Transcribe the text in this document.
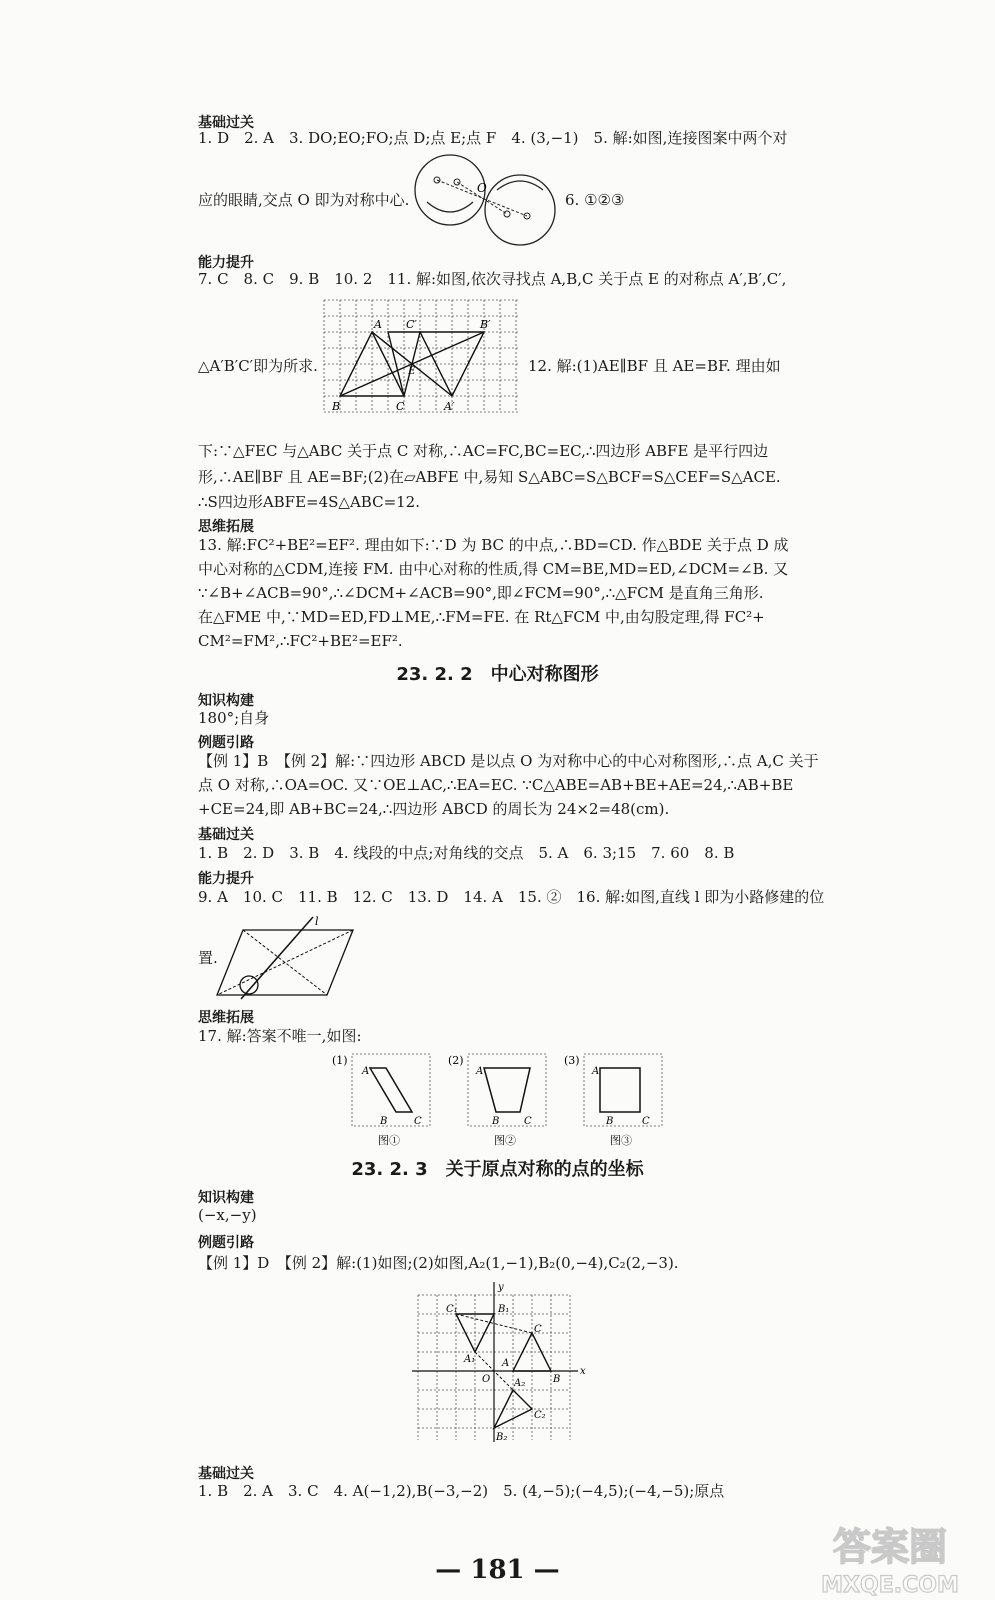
基础过关
1. D　2. A　3. DO;EO;FO;点 D;点 E;点 F　4. (3,−1)　5. 解:如图,连接图案中两个对
应的眼睛,交点 O 即为对称中心.	6. ①②③
O
能力提升
7. C　8. C　9. B　10. 2　11. 解:如图,依次寻找点 A,B,C 关于点 E 的对称点 A′,B′,C′,
△A′B′C′即为所求.	12. 解:(1)AE∥BF 且 AE=BF. 理由如
A
B	C
C′	B′
A′
E
下:∵△FEC 与△ABC 关于点 C 对称,∴AC=FC,BC=EC,∴四边形 ABFE 是平行四边
形,∴AE∥BF 且 AE=BF;(2)在▱ABFE 中,易知 S△ABC=S△BCF=S△CEF=S△ACE.
∴S四边形ABFE=4S△ABC=12.
思维拓展
13. 解:FC²+BE²=EF². 理由如下:∵D 为 BC 的中点,∴BD=CD. 作△BDE 关于点 D 成
中心对称的△CDM,连接 FM. 由中心对称的性质,得 CM=BE,MD=ED,∠DCM=∠B. 又
∵∠B+∠ACB=90°,∴∠DCM+∠ACB=90°,即∠FCM=90°,∴△FCM 是直角三角形.
在△FME 中,∵MD=ED,FD⊥ME,∴FM=FE. 在 Rt△FCM 中,由勾股定理,得 FC²+
CM²=FM²,∴FC²+BE²=EF².
23. 2. 2　中心对称图形
知识构建
180°;自身
例题引路
【例 1】B　【例 2】解:∵四边形 ABCD 是以点 O 为对称中心的中心对称图形,∴点 A,C 关于
点 O 对称,∴OA=OC. 又∵OE⊥AC,∴EA=EC. ∵C△ABE=AB+BE+AE=24,∴AB+BE
+CE=24,即 AB+BC=24,∴四边形 ABCD 的周长为 24×2=48(cm).
基础过关
1. B　2. D　3. B　4. 线段的中点;对角线的交点　5. A　6. 3;15　7. 60　8. B
能力提升
9. A　10. C　11. B　12. C　13. D　14. A　15. ②　16. 解:如图,直线 l 即为小路修建的位
置.
l
思维拓展
17. 解:答案不唯一,如图:
(1)	(2)	(3)
A
B	C
A
B C
A
B	C
图①	图②	图③
23. 2. 3　关于原点对称的点的坐标
知识构建
(−x,−y)
例题引路
【例 1】D　【例 2】解:(1)如图;(2)如图,A₂(1,−1),B₂(0,−4),C₂(2,−3).
x
y
O
C₁	B₁
A₁
C
A
B
A₂
C₂
B₂
基础过关
1. B　2. A　3. C　4. A(−1,2),B(−3,−2)　5. (4,−5);(−4,5);(−4,−5);原点
— 181 —
答案圈
MXQE.COM
